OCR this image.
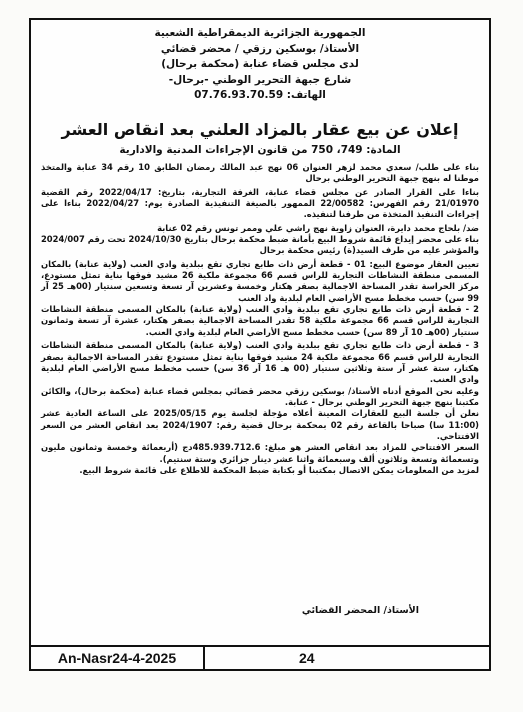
الجمهورية الجزائرية الديمقراطية الشعبية
الأستاذ/ بوسكين رزقي / محضر قضائي
لدى مجلس قضاء عنابة (محكمة برحال)
شارع جبهة التحرير الوطني -برحال-
الهاتف: 07.76.93.70.59
إعلان عن بيع عقار بالمزاد العلني بعد انقاص العشر
المادة: 749، 750 من قانون الإجراءات المدنية والادارية

بناء على طلب/ سعدي محمد لزهر العنوان 06 نهج عبد المالك رمضان الطابق 10 رقم 34 عنابة والمتخذ موطنا له بنهج جبهة التحرير الوطني برحال

بناءا على القرار الصادر عن مجلس قضاء عنابة، الغرفة التجارية، بتاريخ: 2022/04/17 رقم القضية 21/01970 رقم الفهرس: 22/00582 الممهور بالصيغة التنفيذية الصادرة يوم: 2022/04/27 بناءا على إجراءات التنفيذ المتخذة من طرفنا لتنفيذه.

ضد/ بلحاج محمد دايرة، العنوان زاوية نهج راشي علي وممر تونس رقم 02 عنابة

بناء على محضر إيداع قائمة شروط البيع بأمانة ضبط محكمة برحال بتاريخ 2024/10/30 تحت رقم 2024/007 والمؤشر عليه من طرف السيد(ة) رئيس محكمة برحال

تعيين العقار موضوع البيع: 01 - قطعة أرض ذات طابع تجاري تقع ببلدية وادي العنب (ولاية عنابة) بالمكان المسمى منطقة النشاطات التجارية للراس قسم 66 مجموعة ملكية 26 مشيد فوقها بناية تمثل مستودع، مركز الحراسة تقدر المساحة الاجمالية بصفر هكتار وخمسة وعشرين آر تسعة وتسعين سنتيار (00هـ 25 آر 99 سن) حسب مخطط مسح الأراضي العام لبلدية واد العنب

2 - قطعة أرض ذات طابع تجاري تقع ببلدية وادي العنب (ولاية عنابة) بالمكان المسمى منطقة النشاطات التجارية للراس قسم 66 مجموعة ملكية 58 تقدر المساحة الاجمالية بصفر هكتار، عشرة آر تسعة وثمانون سنتيار (00هـ 10 آر 89 سن) حسب مخطط مسح الأراضي العام لبلدية وادي العنب.

3 - قطعة أرض ذات طابع تجاري تقع ببلدية وادي العنب (ولاية عنابة) بالمكان المسمى منطقة النشاطات التجارية للراس قسم 66 مجموعة ملكية 24 مشيد فوقها بناية تمثل مستودع تقدر المساحة الاجمالية بصفر هكتار، ستة عشر آر ستة وثلاثين سنتيار (00 هـ 16 آر 36 سن) حسب مخطط مسح الأراضي العام لبلدية وادي العنب.

وعليه نحن الموقع أدناه الأستاذ/ بوسكين رزقي محضر قضائي بمجلس قضاء عنابة (محكمة برحال)، والكائن مكتبنا بنهج جبهة التحرير الوطني برحال - عنابة.

نعلن أن جلسة البيع للعقارات المعينة أعلاه مؤجلة لجلسة يوم 2025/05/15 على الساعة العادية عشر (11:00 سا) صباحا بالقاعة رقم 02 بمحكمة برحال قضية رقم: 2024/1907 بعد انقاص العشر من السعر الافتتاحي.

السعر الافتتاحي للمزاد بعد انقاص العشر هو مبلغ: 485.939.712.6دج (أربعمائة وخمسة وثمانون مليون وتسعمائة وتسعة وثلاثون ألف وسبعمائة واثنا عشر دينار جزائري وستة سنتيم).

لمزيد من المعلومات يمكن الاتصال بمكتبنا أو بكتابة ضبط المحكمة للاطلاع على قائمة شروط البيع.

الأستاذ/ المحضر القضائي
An-Nasr24-4-2025	24
